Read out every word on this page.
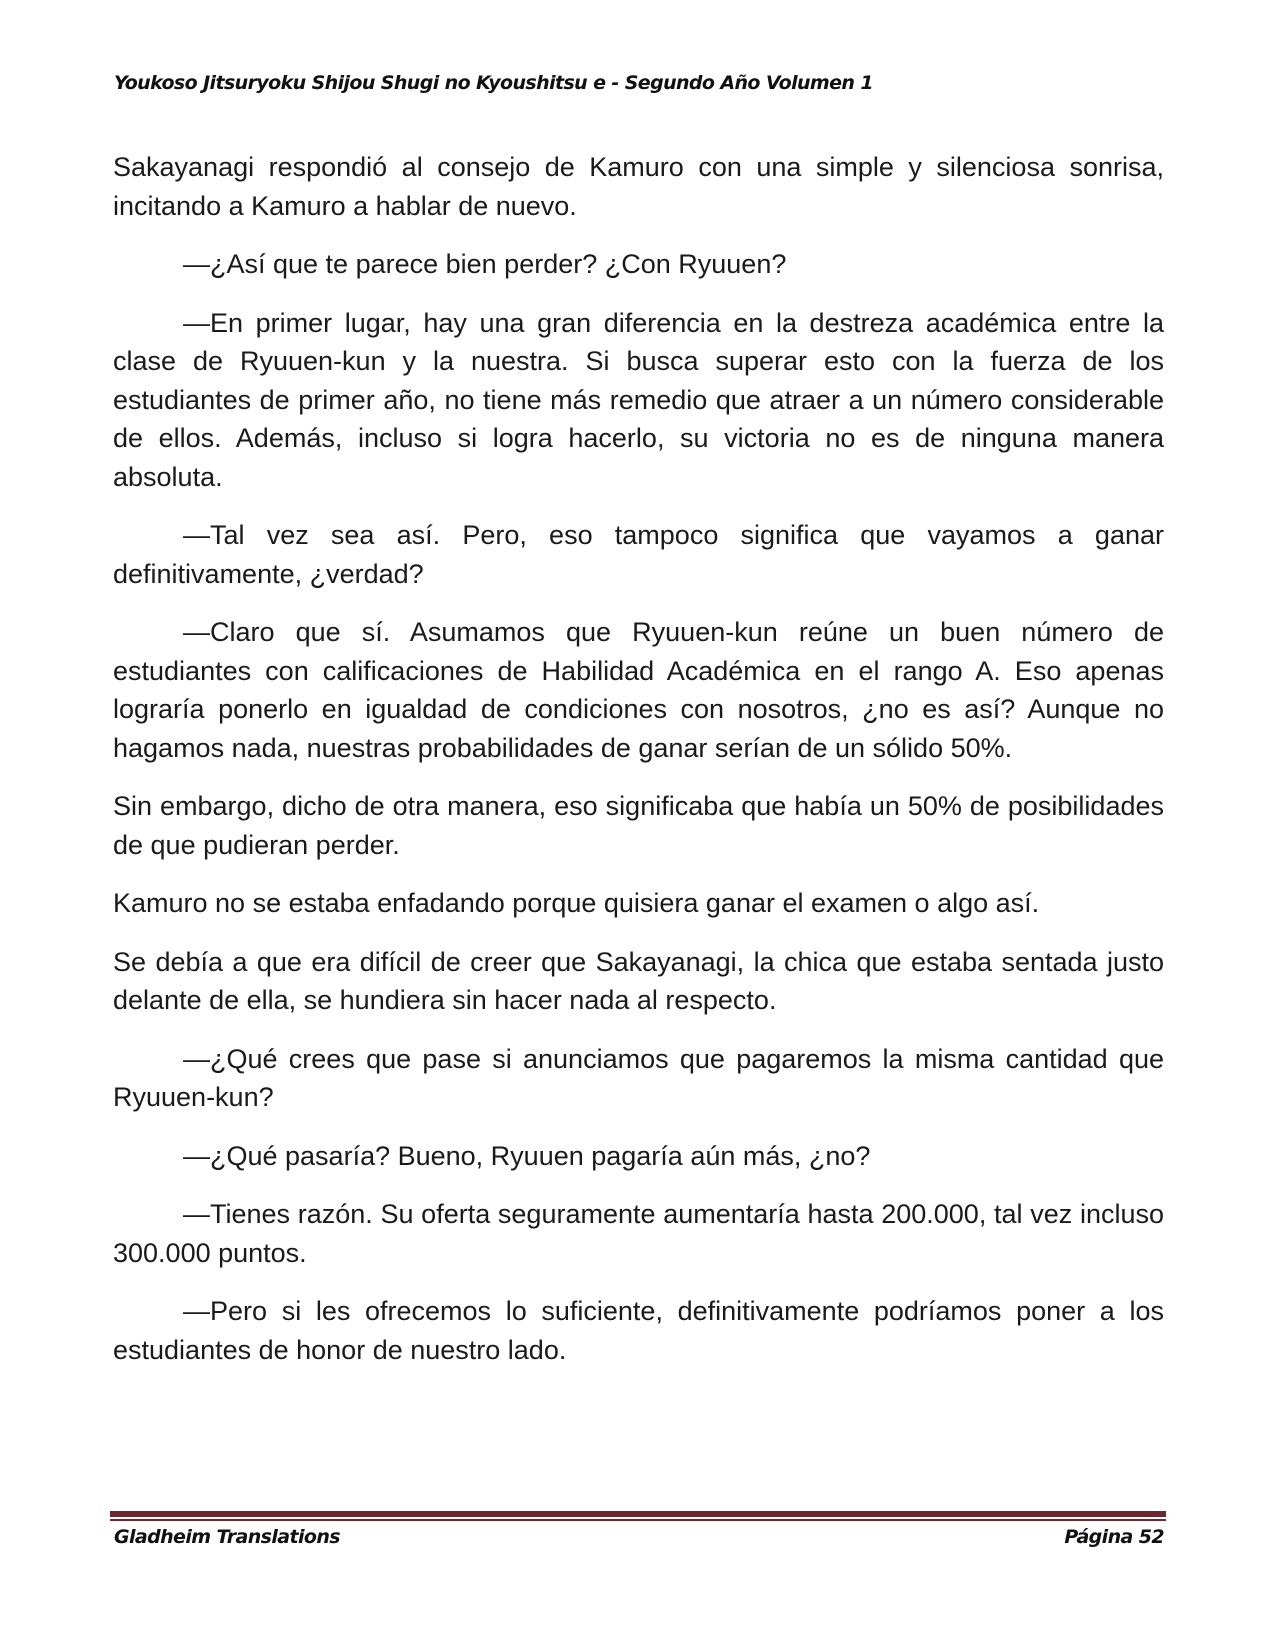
Youkoso Jitsuryoku Shijou Shugi no Kyoushitsu e - Segundo Año Volumen 1

Sakayanagi respondió al consejo de Kamuro con una simple y silenciosa sonrisa, incitando a Kamuro a hablar de nuevo.

—¿Así que te parece bien perder? ¿Con Ryuuen?

—En primer lugar, hay una gran diferencia en la destreza académica entre la clase de Ryuuen-kun y la nuestra. Si busca superar esto con la fuerza de los estudiantes de primer año, no tiene más remedio que atraer a un número considerable de ellos. Además, incluso si logra hacerlo, su victoria no es de ninguna manera absoluta.

—Tal vez sea así. Pero, eso tampoco significa que vayamos a ganar definitivamente, ¿verdad?

—Claro que sí. Asumamos que Ryuuen-kun reúne un buen número de estudiantes con calificaciones de Habilidad Académica en el rango A. Eso apenas lograría ponerlo en igualdad de condiciones con nosotros, ¿no es así? Aunque no hagamos nada, nuestras probabilidades de ganar serían de un sólido 50%.

Sin embargo, dicho de otra manera, eso significaba que había un 50% de posibilidades de que pudieran perder.

Kamuro no se estaba enfadando porque quisiera ganar el examen o algo así.

Se debía a que era difícil de creer que Sakayanagi, la chica que estaba sentada justo delante de ella, se hundiera sin hacer nada al respecto.

—¿Qué crees que pase si anunciamos que pagaremos la misma cantidad que Ryuuen-kun?

—¿Qué pasaría? Bueno, Ryuuen pagaría aún más, ¿no?

—Tienes razón. Su oferta seguramente aumentaría hasta 200.000, tal vez incluso 300.000 puntos.

—Pero si les ofrecemos lo suficiente, definitivamente podríamos poner a los estudiantes de honor de nuestro lado.

Gladheim Translations	Página 52
